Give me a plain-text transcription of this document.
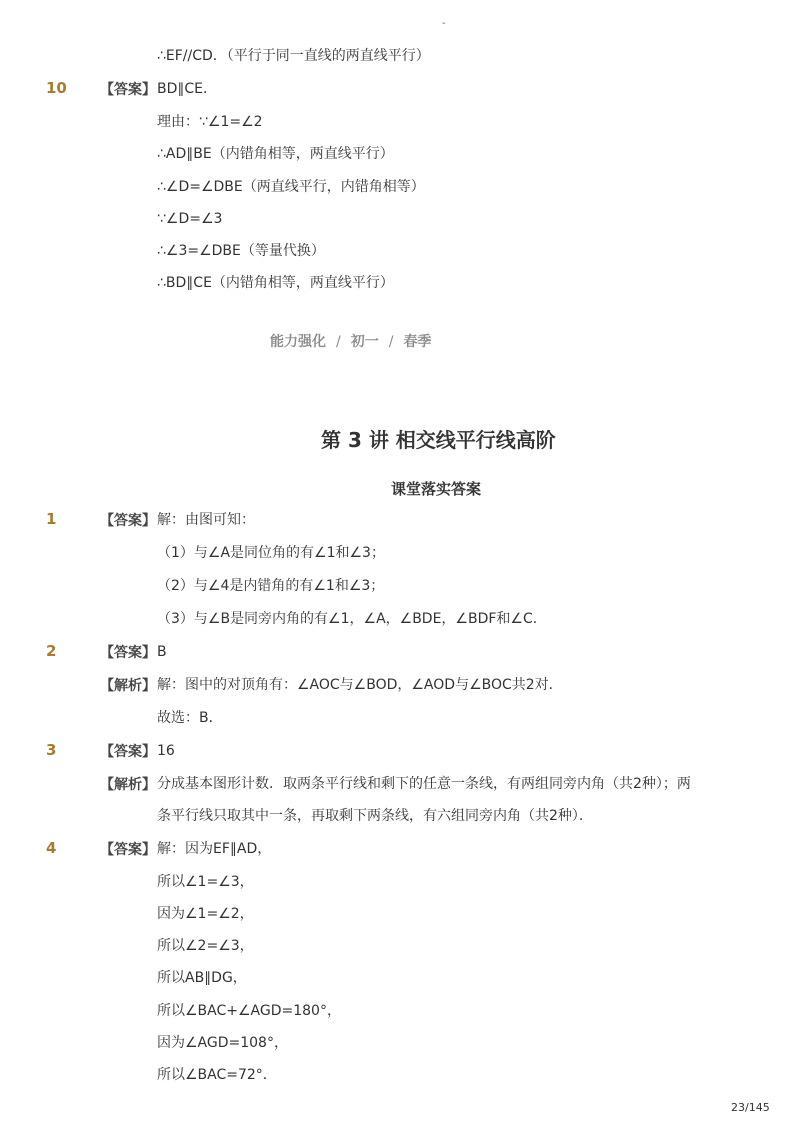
-
∴EF//CD．（平行于同一直线的两直线平行）
10 【答案】 BD∥CE．
理由：∵∠1=∠2
∴AD∥BE（内错角相等，两直线平行）
∴∠D=∠DBE（两直线平行，内错角相等）
∵∠D=∠3
∴∠3=∠DBE（等量代换）
∴BD∥CE（内错角相等，两直线平行）
能力强化 / 初一 / 春季
第 3 讲 相交线平行线高阶
课堂落实答案
1	【答案】 解：由图可知：
（1）与∠A是同位角的有∠1和∠3；
（2）与∠4是内错角的有∠1和∠3；
（3）与∠B是同旁内角的有∠1，∠A，∠BDE，∠BDF和∠C．
2	【答案】 B
【解析】 解：图中的对顶角有：∠AOC与∠BOD，∠AOD与∠BOC共2对．
故选：B．
3	【答案】 16
【解析】 分成基本图形计数．取两条平行线和剩下的任意一条线，有两组同旁内角（共2种）；两
条平行线只取其中一条，再取剩下两条线，有六组同旁内角（共2种）．
4	【答案】 解：因为EF∥AD，
所以∠1=∠3，
因为∠1=∠2，
所以∠2=∠3，
所以AB∥DG，
所以∠BAC+∠AGD=180°，
因为∠AGD=108°，
所以∠BAC=72°．
23/145
